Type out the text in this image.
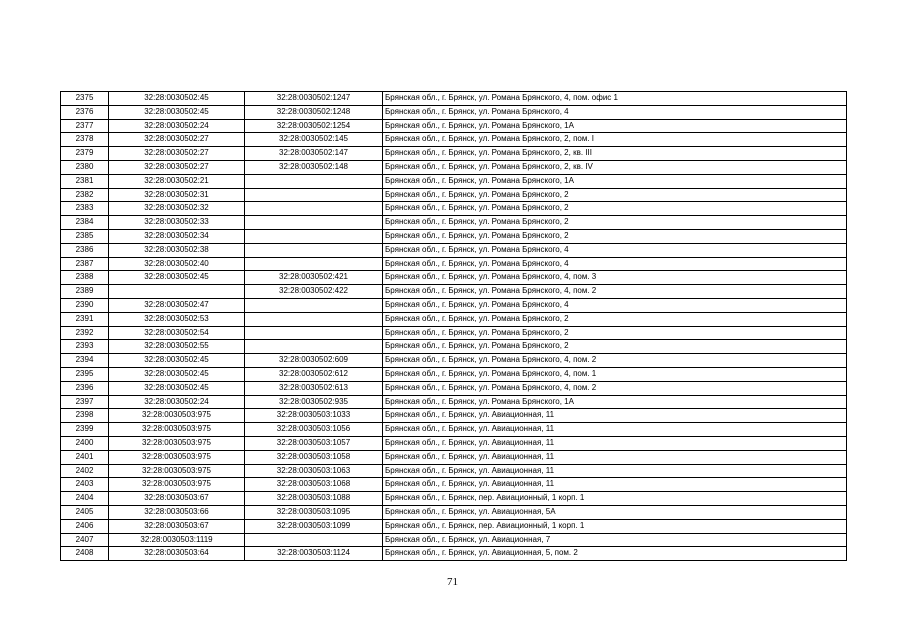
2375	32:28:0030502:45	32:28:0030502:1247	Брянская обл., г. Брянск, ул. Романа Брянского, 4, пом. офис 1
2376	32:28:0030502:45	32:28:0030502:1248	Брянская обл., г. Брянск, ул. Романа Брянского, 4
2377	32:28:0030502:24	32:28:0030502:1254	Брянская обл., г. Брянск, ул. Романа Брянского, 1А
2378	32:28:0030502:27	32:28:0030502:145	Брянская обл., г. Брянск, ул. Романа Брянского, 2, пом. I
2379	32:28:0030502:27	32:28:0030502:147	Брянская обл., г. Брянск, ул. Романа Брянского, 2, кв. III
2380	32:28:0030502:27	32:28:0030502:148	Брянская обл., г. Брянск, ул. Романа Брянского, 2, кв. IV
2381	32:28:0030502:21		Брянская обл., г. Брянск, ул. Романа Брянского, 1А
2382	32:28:0030502:31		Брянская обл., г. Брянск, ул. Романа Брянского, 2
2383	32:28:0030502:32		Брянская обл., г. Брянск, ул. Романа Брянского, 2
2384	32:28:0030502:33		Брянская обл., г. Брянск, ул. Романа Брянского, 2
2385	32:28:0030502:34		Брянская обл., г. Брянск, ул. Романа Брянского, 2
2386	32:28:0030502:38		Брянская обл., г. Брянск, ул. Романа Брянского, 4
2387	32:28:0030502:40		Брянская обл., г. Брянск, ул. Романа Брянского, 4
2388	32:28:0030502:45	32:28:0030502:421	Брянская обл., г. Брянск, ул. Романа Брянского, 4, пом. 3
2389		32:28:0030502:422	Брянская обл., г. Брянск, ул. Романа Брянского, 4, пом. 2
2390	32:28:0030502:47		Брянская обл., г. Брянск, ул. Романа Брянского, 4
2391	32:28:0030502:53		Брянская обл., г. Брянск, ул. Романа Брянского, 2
2392	32:28:0030502:54		Брянская обл., г. Брянск, ул. Романа Брянского, 2
2393	32:28:0030502:55		Брянская обл., г. Брянск, ул. Романа Брянского, 2
2394	32:28:0030502:45	32:28:0030502:609	Брянская обл., г. Брянск, ул. Романа Брянского, 4, пом. 2
2395	32:28:0030502:45	32:28:0030502:612	Брянская обл., г. Брянск, ул. Романа Брянского, 4, пом. 1
2396	32:28:0030502:45	32:28:0030502:613	Брянская обл., г. Брянск, ул. Романа Брянского, 4, пом. 2
2397	32:28:0030502:24	32:28:0030502:935	Брянская обл., г. Брянск, ул. Романа Брянского, 1А
2398	32:28:0030503:975	32:28:0030503:1033	Брянская обл., г. Брянск, ул. Авиационная, 11
2399	32:28:0030503:975	32:28:0030503:1056	Брянская обл., г. Брянск, ул. Авиационная, 11
2400	32:28:0030503:975	32:28:0030503:1057	Брянская обл., г. Брянск, ул. Авиационная, 11
2401	32:28:0030503:975	32:28:0030503:1058	Брянская обл., г. Брянск, ул. Авиационная, 11
2402	32:28:0030503:975	32:28:0030503:1063	Брянская обл., г. Брянск, ул. Авиационная, 11
2403	32:28:0030503:975	32:28:0030503:1068	Брянская обл., г. Брянск, ул. Авиационная, 11
2404	32:28:0030503:67	32:28:0030503:1088	Брянская обл., г. Брянск, пер. Авиационный, 1 корп. 1
2405	32:28:0030503:66	32:28:0030503:1095	Брянская обл., г. Брянск, ул. Авиационная, 5А
2406	32:28:0030503:67	32:28:0030503:1099	Брянская обл., г. Брянск, пер. Авиационный, 1 корп. 1
2407	32:28:0030503:1119		Брянская обл., г. Брянск, ул. Авиационная, 7
2408	32:28:0030503:64	32:28:0030503:1124	Брянская обл., г. Брянск, ул. Авиационная, 5, пом. 2
71
